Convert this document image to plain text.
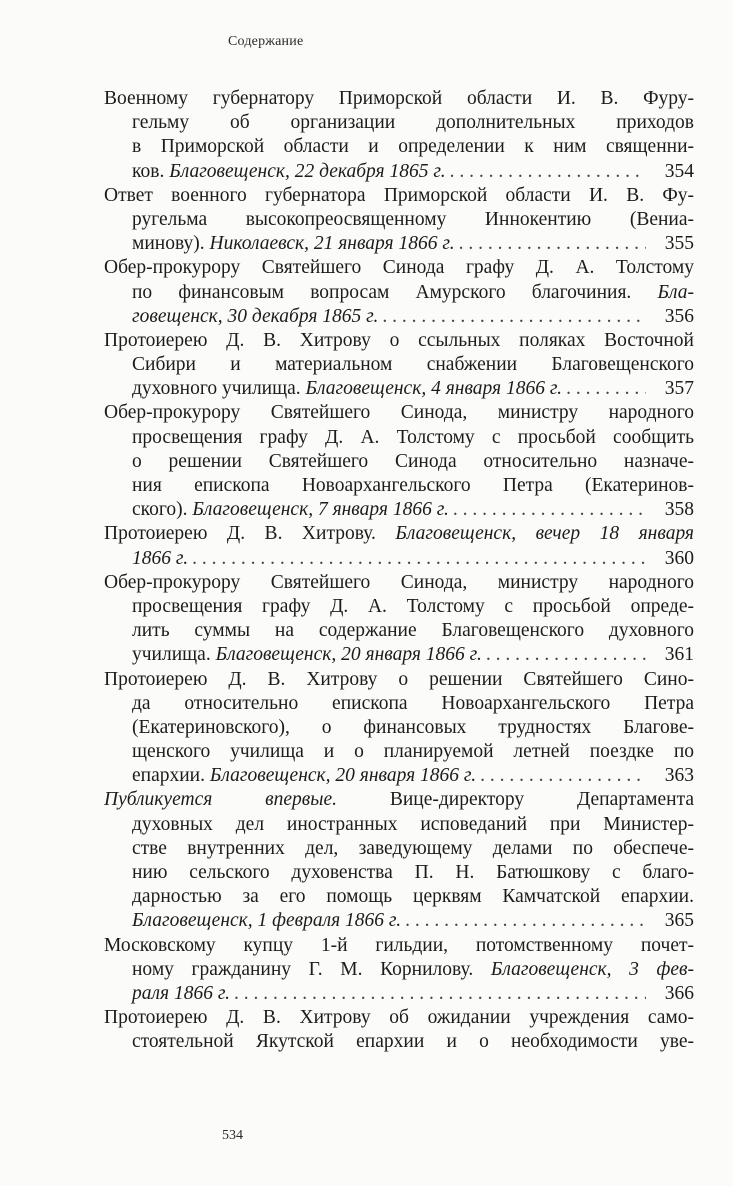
Содержание
Военному губернатору Приморской области И. В. Фуру-
гельму об организации дополнительных приходов
в Приморской области и определении к ним священни-
ков. Благовещенск, 22 декабря 1865 г. . . .	354
Ответ военного губернатора Приморской области И. В. Фу-
ругельма высокопреосвященному Иннокентию (Вениа-
минову). Николаевск, 21 января 1866 г. . . .	355
Обер-прокурору Святейшего Синода графу Д. А. Толстому
по финансовым вопросам Амурского благочиния. Бла-
говещенск, 30 декабря 1865 г. . . .	356
Протоиерею Д. В. Хитрову о ссыльных поляках Восточной
Сибири и материальном снабжении Благовещенского
духовного училища. Благовещенск, 4 января 1866 г. . . .	357
Обер-прокурору Святейшего Синода, министру народного
просвещения графу Д. А. Толстому с просьбой сообщить
о решении Святейшего Синода относительно назначе-
ния епископа Новоархангельского Петра (Екатеринов-
ского). Благовещенск, 7 января 1866 г. . . .	358
Протоиерею Д. В. Хитрову. Благовещенск, вечер 18 января
1866 г. . . .	360
Обер-прокурору Святейшего Синода, министру народного
просвещения графу Д. А. Толстому с просьбой опреде-
лить суммы на содержание Благовещенского духовного
училища. Благовещенск, 20 января 1866 г. . . .	361
Протоиерею Д. В. Хитрову о решении Святейшего Сино-
да относительно епископа Новоархангельского Петра
(Екатериновского), о финансовых трудностях Благове-
щенского училища и о планируемой летней поездке по
епархии. Благовещенск, 20 января 1866 г. . . .	363
Публикуется впервые. Вице-директору Департамента
духовных дел иностранных исповеданий при Министер-
стве внутренних дел, заведующему делами по обеспече-
нию сельского духовенства П. Н. Батюшкову с благо-
дарностью за его помощь церквям Камчатской епархии.
Благовещенск, 1 февраля 1866 г. . . .	365
Московскому купцу 1-й гильдии, потомственному почет-
ному гражданину Г. М. Корнилову. Благовещенск, 3 фев-
раля 1866 г. . . .	366
Протоиерею Д. В. Хитрову об ожидании учреждения само-
стоятельной Якутской епархии и о необходимости уве-
534
